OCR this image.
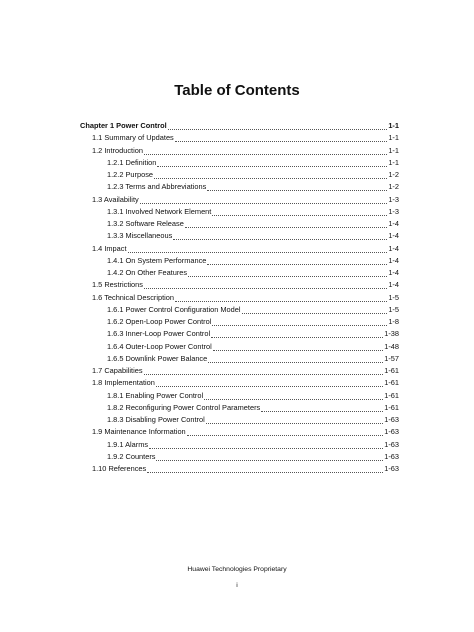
Table of Contents
Chapter 1 Power Control	1-1
1.1 Summary of Updates	1-1
1.2 Introduction	1-1
1.2.1 Definition	1-1
1.2.2 Purpose	1-2
1.2.3 Terms and Abbreviations	1-2
1.3 Availability	1-3
1.3.1 Involved Network Element	1-3
1.3.2 Software Release	1-4
1.3.3 Miscellaneous	1-4
1.4 Impact	1-4
1.4.1 On System Performance	1-4
1.4.2 On Other Features	1-4
1.5 Restrictions	1-4
1.6 Technical Description	1-5
1.6.1 Power Control Configuration Model	1-5
1.6.2 Open-Loop Power Control	1-8
1.6.3 Inner-Loop Power Control	1-38
1.6.4 Outer-Loop Power Control	1-48
1.6.5 Downlink Power Balance	1-57
1.7 Capabilities	1-61
1.8 Implementation	1-61
1.8.1 Enabling Power Control	1-61
1.8.2 Reconfiguring Power Control Parameters	1-61
1.8.3 Disabling Power Control	1-63
1.9 Maintenance Information	1-63
1.9.1 Alarms	1-63
1.9.2 Counters	1-63
1.10 References	1-63
Huawei Technologies Proprietary
i
